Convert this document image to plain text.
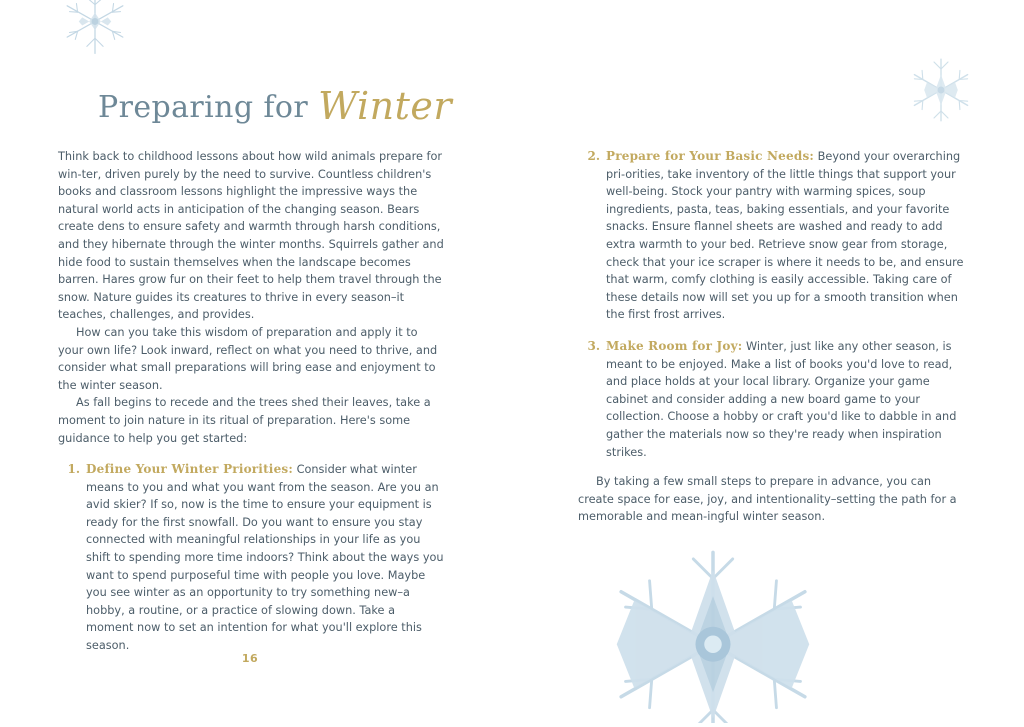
Preparing for Winter

Think back to childhood lessons about how wild animals prepare for win-ter, driven purely by the need to survive. Countless children's books and classroom lessons highlight the impressive ways the natural world acts in anticipation of the changing season. Bears create dens to ensure safety and warmth through harsh conditions, and they hibernate through the winter months. Squirrels gather and hide food to sustain themselves when the landscape becomes barren. Hares grow fur on their feet to help them travel through the snow. Nature guides its creatures to thrive in every season–it teaches, challenges, and provides.

How can you take this wisdom of preparation and apply it to your own life? Look inward, reflect on what you need to thrive, and consider what small preparations will bring ease and enjoyment to the winter season.

As fall begins to recede and the trees shed their leaves, take a moment to join nature in its ritual of preparation. Here's some guidance to help you get started:

1. Define Your Winter Priorities: Consider what winter means to you and what you want from the season. Are you an avid skier? If so, now is the time to ensure your equipment is ready for the first snowfall. Do you want to ensure you stay connected with meaningful relationships in your life as you shift to spending more time indoors? Think about the ways you want to spend purposeful time with people you love. Maybe you see winter as an opportunity to try something new–a hobby, a routine, or a practice of slowing down. Take a moment now to set an intention for what you'll explore this season.
2. Prepare for Your Basic Needs: Beyond your overarching pri-orities, take inventory of the little things that support your well-being. Stock your pantry with warming spices, soup ingredients, pasta, teas, baking essentials, and your favorite snacks. Ensure flannel sheets are washed and ready to add extra warmth to your bed. Retrieve snow gear from storage, check that your ice scraper is where it needs to be, and ensure that warm, comfy clothing is easily accessible. Taking care of these details now will set you up for a smooth transition when the first frost arrives.
3. Make Room for Joy: Winter, just like any other season, is meant to be enjoyed. Make a list of books you'd love to read, and place holds at your local library. Organize your game cabinet and consider adding a new board game to your collection. Choose a hobby or craft you'd like to dabble in and gather the materials now so they're ready when inspiration strikes.

By taking a few small steps to prepare in advance, you can create space for ease, joy, and intentionality–setting the path for a memorable and mean-ingful winter season.

16
